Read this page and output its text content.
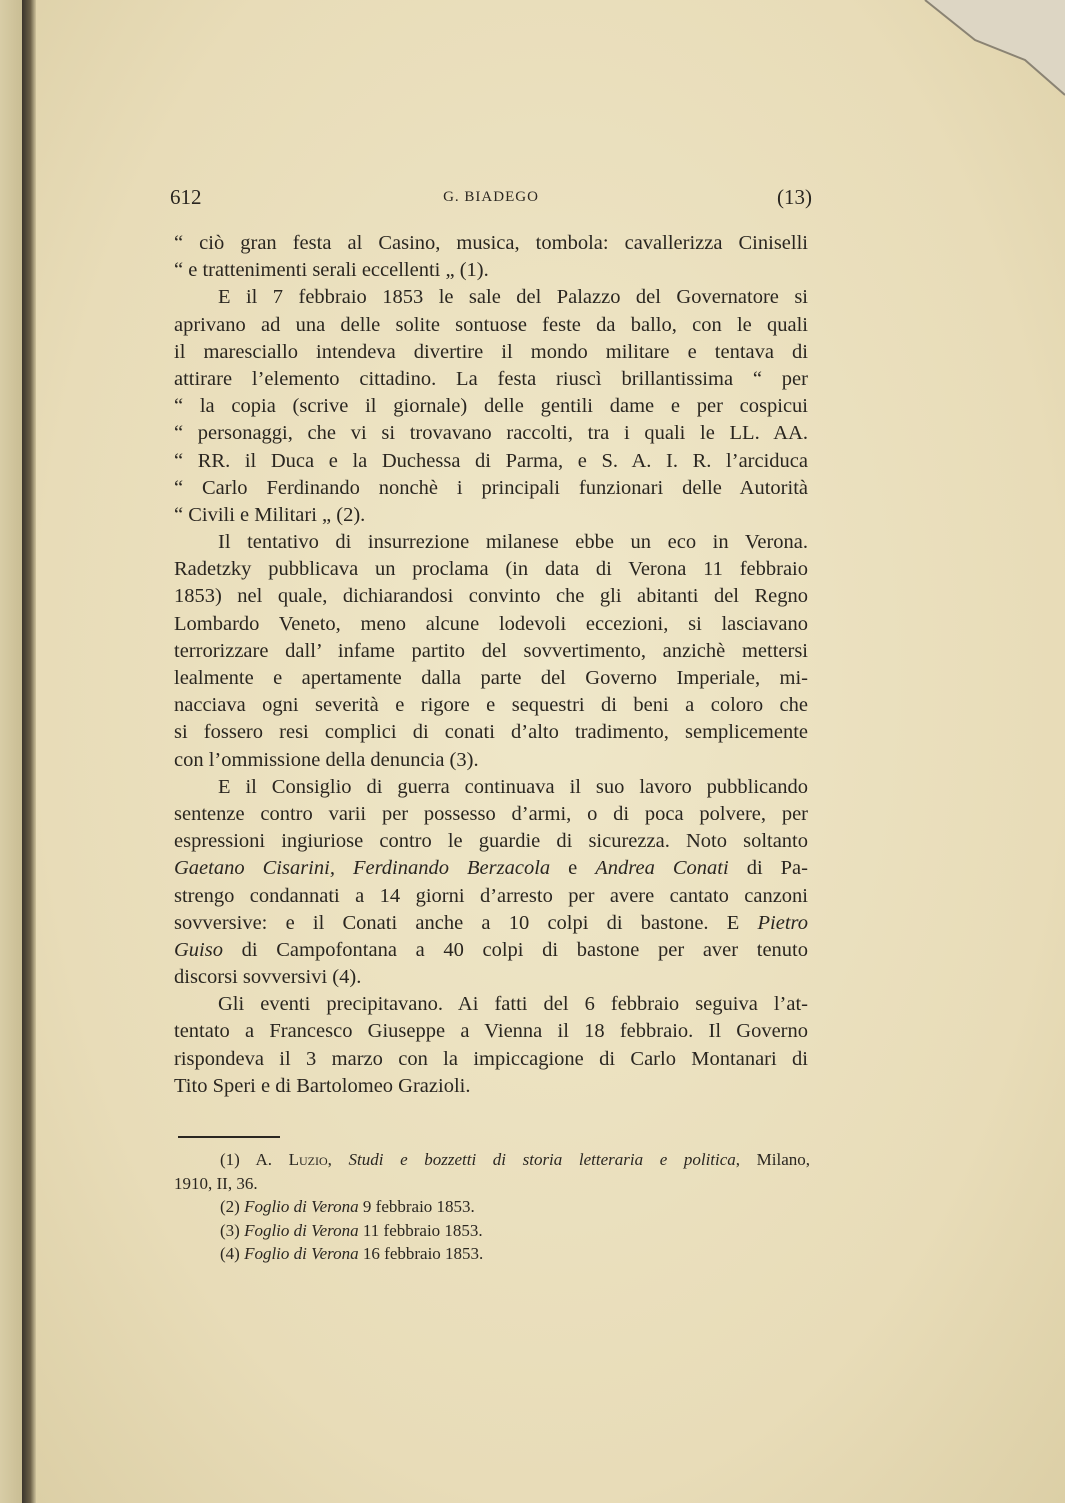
612	G. BIADEGO	(13)
“ ciò gran festa al Casino, musica, tombola: cavallerizza Ciniselli
“ e trattenimenti serali eccellenti „ (1).
E il 7 febbraio 1853 le sale del Palazzo del Governatore si
aprivano ad una delle solite sontuose feste da ballo, con le quali
il maresciallo intendeva divertire il mondo militare e tentava di
attirare l’elemento cittadino. La festa riuscì brillantissima “ per
“ la copia (scrive il giornale) delle gentili dame e per cospicui
“ personaggi, che vi si trovavano raccolti, tra i quali le LL. AA.
“ RR. il Duca e la Duchessa di Parma, e S. A. I. R. l’arciduca
“ Carlo Ferdinando nonchè i principali funzionari delle Autorità
“ Civili e Militari „ (2).
Il tentativo di insurrezione milanese ebbe un eco in Verona.
Radetzky pubblicava un proclama (in data di Verona 11 febbraio
1853) nel quale, dichiarandosi convinto che gli abitanti del Regno
Lombardo Veneto, meno alcune lodevoli eccezioni, si lasciavano
terrorizzare dall’ infame partito del sovvertimento, anzichè mettersi
lealmente e apertamente dalla parte del Governo Imperiale, mi-
nacciava ogni severità e rigore e sequestri di beni a coloro che
si fossero resi complici di conati d’alto tradimento, semplicemente
con l’ommissione della denuncia (3).
E il Consiglio di guerra continuava il suo lavoro pubblicando
sentenze contro varii per possesso d’armi, o di poca polvere, per
espressioni ingiuriose contro le guardie di sicurezza. Noto soltanto
Gaetano Cisarini, Ferdinando Berzacola e Andrea Conati di Pa-
strengo condannati a 14 giorni d’arresto per avere cantato canzoni
sovversive: e il Conati anche a 10 colpi di bastone. E Pietro
Guiso di Campofontana a 40 colpi di bastone per aver tenuto
discorsi sovversivi (4).
Gli eventi precipitavano. Ai fatti del 6 febbraio seguiva l’at-
tentato a Francesco Giuseppe a Vienna il 18 febbraio. Il Governo
rispondeva il 3 marzo con la impiccagione di Carlo Montanari di
Tito Speri e di Bartolomeo Grazioli.
(1) A. Luzio, Studi e bozzetti di storia letteraria e politica, Milano,
1910, II, 36.
(2) Foglio di Verona 9 febbraio 1853.
(3) Foglio di Verona 11 febbraio 1853.
(4) Foglio di Verona 16 febbraio 1853.
